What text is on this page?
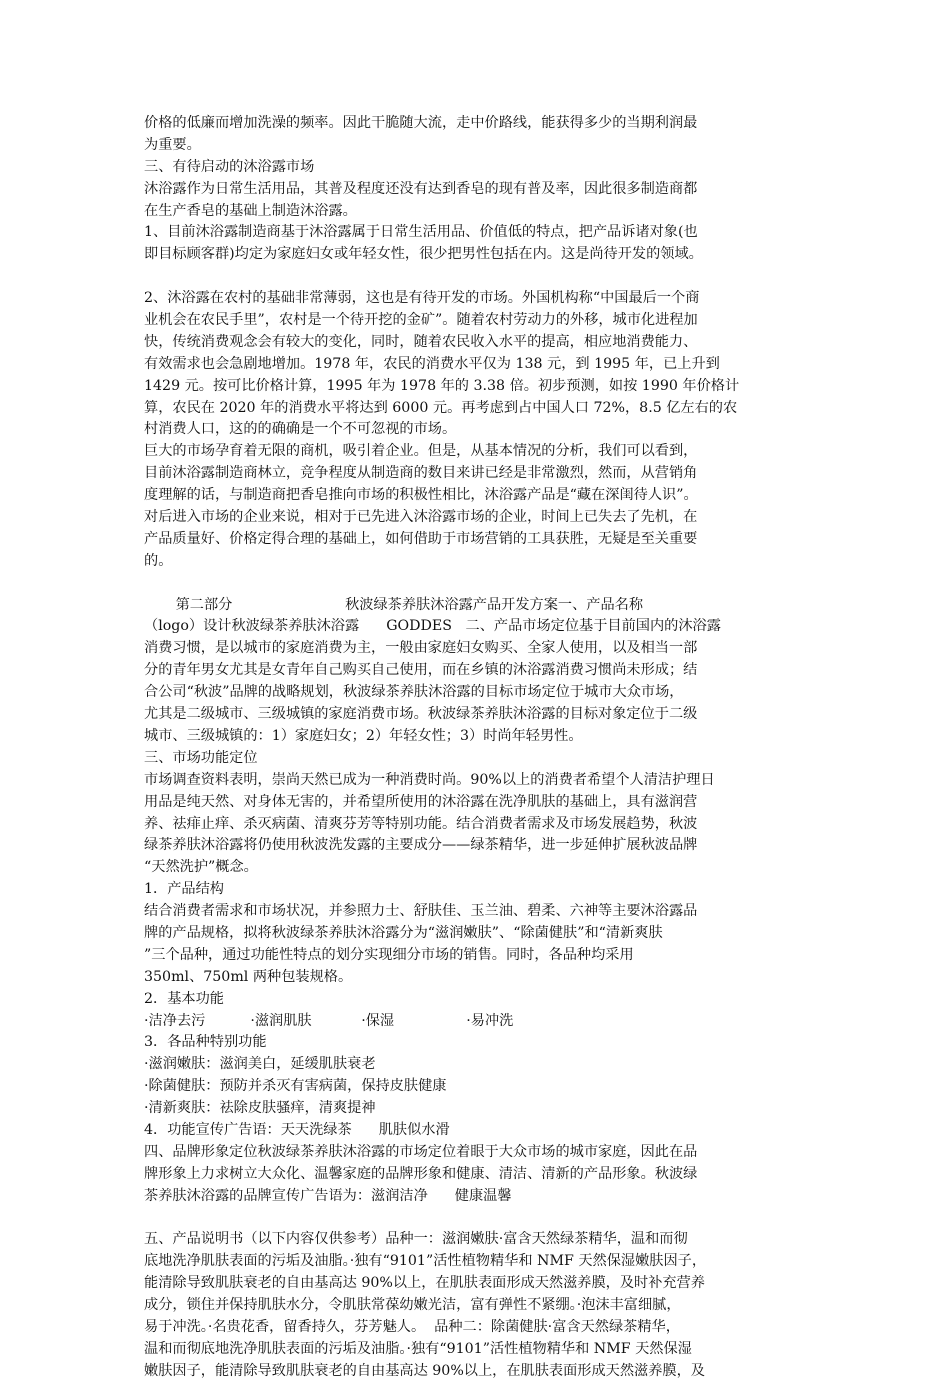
价格的低廉而增加洗澡的频率。因此干脆随大流，走中价路线，能获得多少的当期利润最
为重要。
三、有待启动的沐浴露市场
沐浴露作为日常生活用品，其普及程度还没有达到香皂的现有普及率，因此很多制造商都
在生产香皂的基础上制造沐浴露。
1、目前沐浴露制造商基于沐浴露属于日常生活用品、价值低的特点，把产品诉诸对象(也
即目标顾客群)均定为家庭妇女或年轻女性，很少把男性包括在内。这是尚待开发的领域。
2、沐浴露在农村的基础非常薄弱，这也是有待开发的市场。外国机构称“中国最后一个商
业机会在农民手里”，农村是一个待开挖的金矿”。随着农村劳动力的外移，城市化进程加
快，传统消费观念会有较大的变化，同时，随着农民收入水平的提高，相应地消费能力、
有效需求也会急剧地增加。1978 年，农民的消费水平仅为 138 元，到 1995 年，已上升到
1429 元。按可比价格计算，1995 年为 1978 年的 3.38 倍。初步预测，如按 1990 年价格计
算，农民在 2020 年的消费水平将达到 6000 元。再考虑到占中国人口 72%，8.5 亿左右的农
村消费人口，这的的确确是一个不可忽视的市场。
巨大的市场孕育着无限的商机，吸引着企业。但是，从基本情况的分析，我们可以看到，
目前沐浴露制造商林立，竞争程度从制造商的数目来讲已经是非常激烈，然而，从营销角
度理解的话，与制造商把香皂推向市场的积极性相比，沐浴露产品是“藏在深闺待人识”。
对后进入市场的企业来说，相对于已先进入沐浴露市场的企业，时间上已失去了先机，在
产品质量好、价格定得合理的基础上，如何借助于市场营销的工具获胜，无疑是至关重要
的。
第二部分                         秋波绿茶养肤沐浴露产品开发方案一、产品名称
（logo）设计秋波绿茶养肤沐浴露      GODDES   二、产品市场定位基于目前国内的沐浴露
消费习惯，是以城市的家庭消费为主，一般由家庭妇女购买、全家人使用，以及相当一部
分的青年男女尤其是女青年自己购买自己使用，而在乡镇的沐浴露消费习惯尚未形成；结
合公司“秋波”品牌的战略规划，秋波绿茶养肤沐浴露的目标市场定位于城市大众市场，
尤其是二级城市、三级城镇的家庭消费市场。秋波绿茶养肤沐浴露的目标对象定位于二级
城市、三级城镇的：1）家庭妇女；2）年轻女性；3）时尚年轻男性。
三、市场功能定位
市场调查资料表明，崇尚天然已成为一种消费时尚。90%以上的消费者希望个人清洁护理日
用品是纯天然、对身体无害的，并希望所使用的沐浴露在洗净肌肤的基础上，具有滋润营
养、祛痱止痒、杀灭病菌、清爽芬芳等特别功能。结合消费者需求及市场发展趋势，秋波
绿茶养肤沐浴露将仍使用秋波洗发露的主要成分——绿茶精华，进一步延伸扩展秋波品牌
“天然洗护”概念。
1．产品结构
结合消费者需求和市场状况，并参照力士、舒肤佳、玉兰油、碧柔、六神等主要沐浴露品
牌的产品规格，拟将秋波绿茶养肤沐浴露分为“滋润嫩肤”、“除菌健肤”和“清新爽肤
”三个品种，通过功能性特点的划分实现细分市场的销售。同时，各品种均采用
350ml、750ml 两种包装规格。
2．基本功能
·洁净去污          ·滋润肌肤           ·保湿                ·易冲洗
3．各品种特别功能
·滋润嫩肤：滋润美白，延缓肌肤衰老
·除菌健肤：预防并杀灭有害病菌，保持皮肤健康
·清新爽肤：祛除皮肤骚痒，清爽提神
4．功能宣传广告语：天天洗绿茶      肌肤似水滑
四、品牌形象定位秋波绿茶养肤沐浴露的市场定位着眼于大众市场的城市家庭，因此在品
牌形象上力求树立大众化、温馨家庭的品牌形象和健康、清洁、清新的产品形象。秋波绿
茶养肤沐浴露的品牌宣传广告语为：滋润洁净      健康温馨
五、产品说明书（以下内容仅供参考）品种一：滋润嫩肤·富含天然绿茶精华，温和而彻
底地洗净肌肤表面的污垢及油脂。·独有“9101”活性植物精华和 NMF 天然保湿嫩肤因子，
能清除导致肌肤衰老的自由基高达 90%以上，在肌肤表面形成天然滋养膜，及时补充营养
成分，锁住并保持肌肤水分，令肌肤常葆幼嫩光洁，富有弹性不紧绷。·泡沫丰富细腻，
易于冲洗。·名贵花香，留香持久，芬芳魅人。  品种二：除菌健肤·富含天然绿茶精华，
温和而彻底地洗净肌肤表面的污垢及油脂。·独有“9101”活性植物精华和 NMF 天然保湿
嫩肤因子，能清除导致肌肤衰老的自由基高达 90%以上，在肌肤表面形成天然滋养膜，及
